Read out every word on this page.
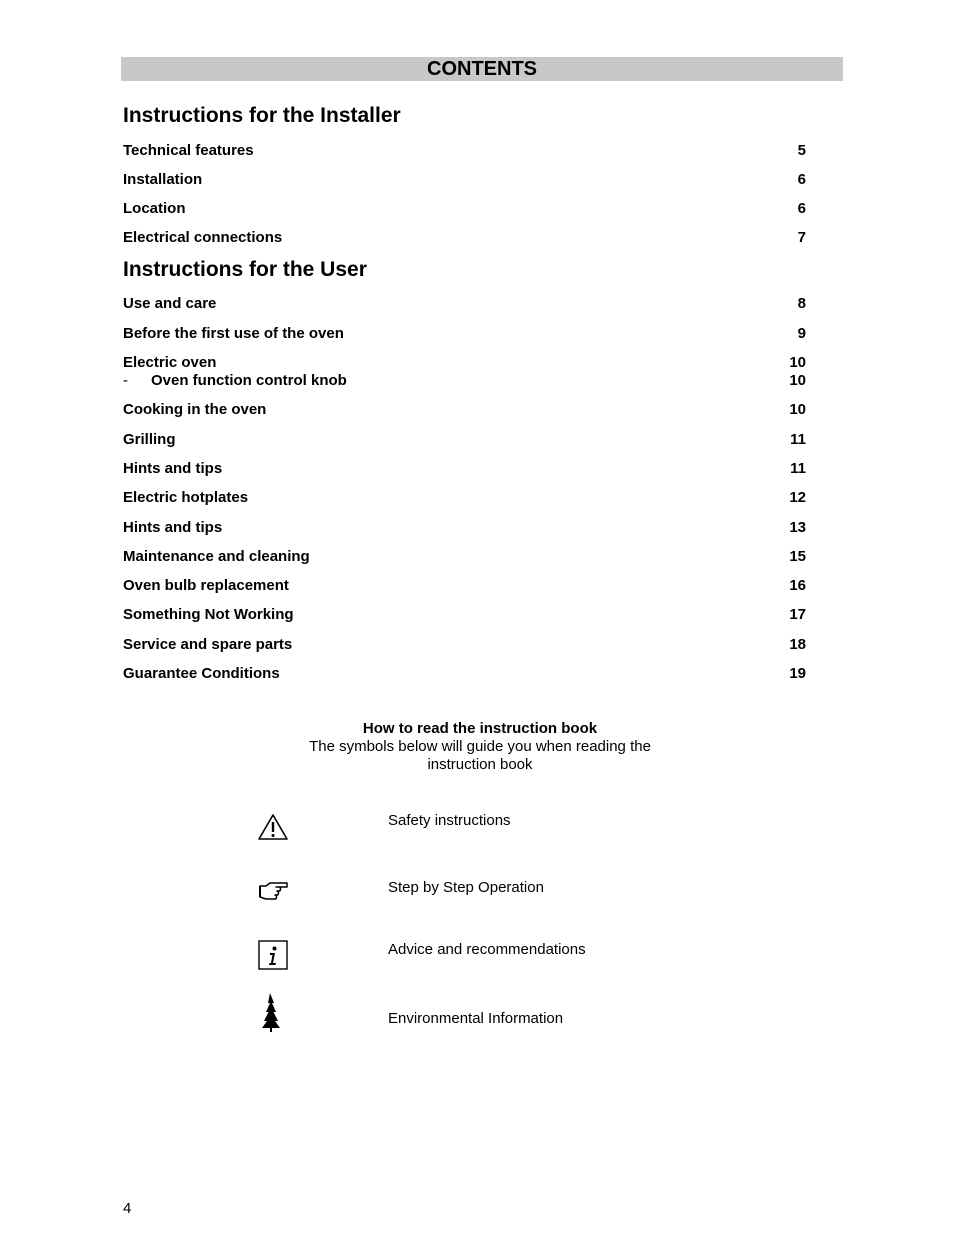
CONTENTS
Instructions for the Installer
Technical features	5
Installation	6
Location	6
Electrical connections	7
Instructions for the User
Use and care	8
Before the first use of the oven	9
Electric oven	10
- Oven function control knob	10
Cooking in the oven	10
Grilling	11
Hints and tips	11
Electric hotplates	12
Hints and tips	13
Maintenance and cleaning	15
Oven bulb replacement	16
Something Not Working	17
Service and spare parts	18
Guarantee Conditions	19
How to read the instruction book
The symbols below will guide you when reading the
instruction book
Safety instructions
Step by Step Operation
Advice and recommendations
Environmental Information
4
